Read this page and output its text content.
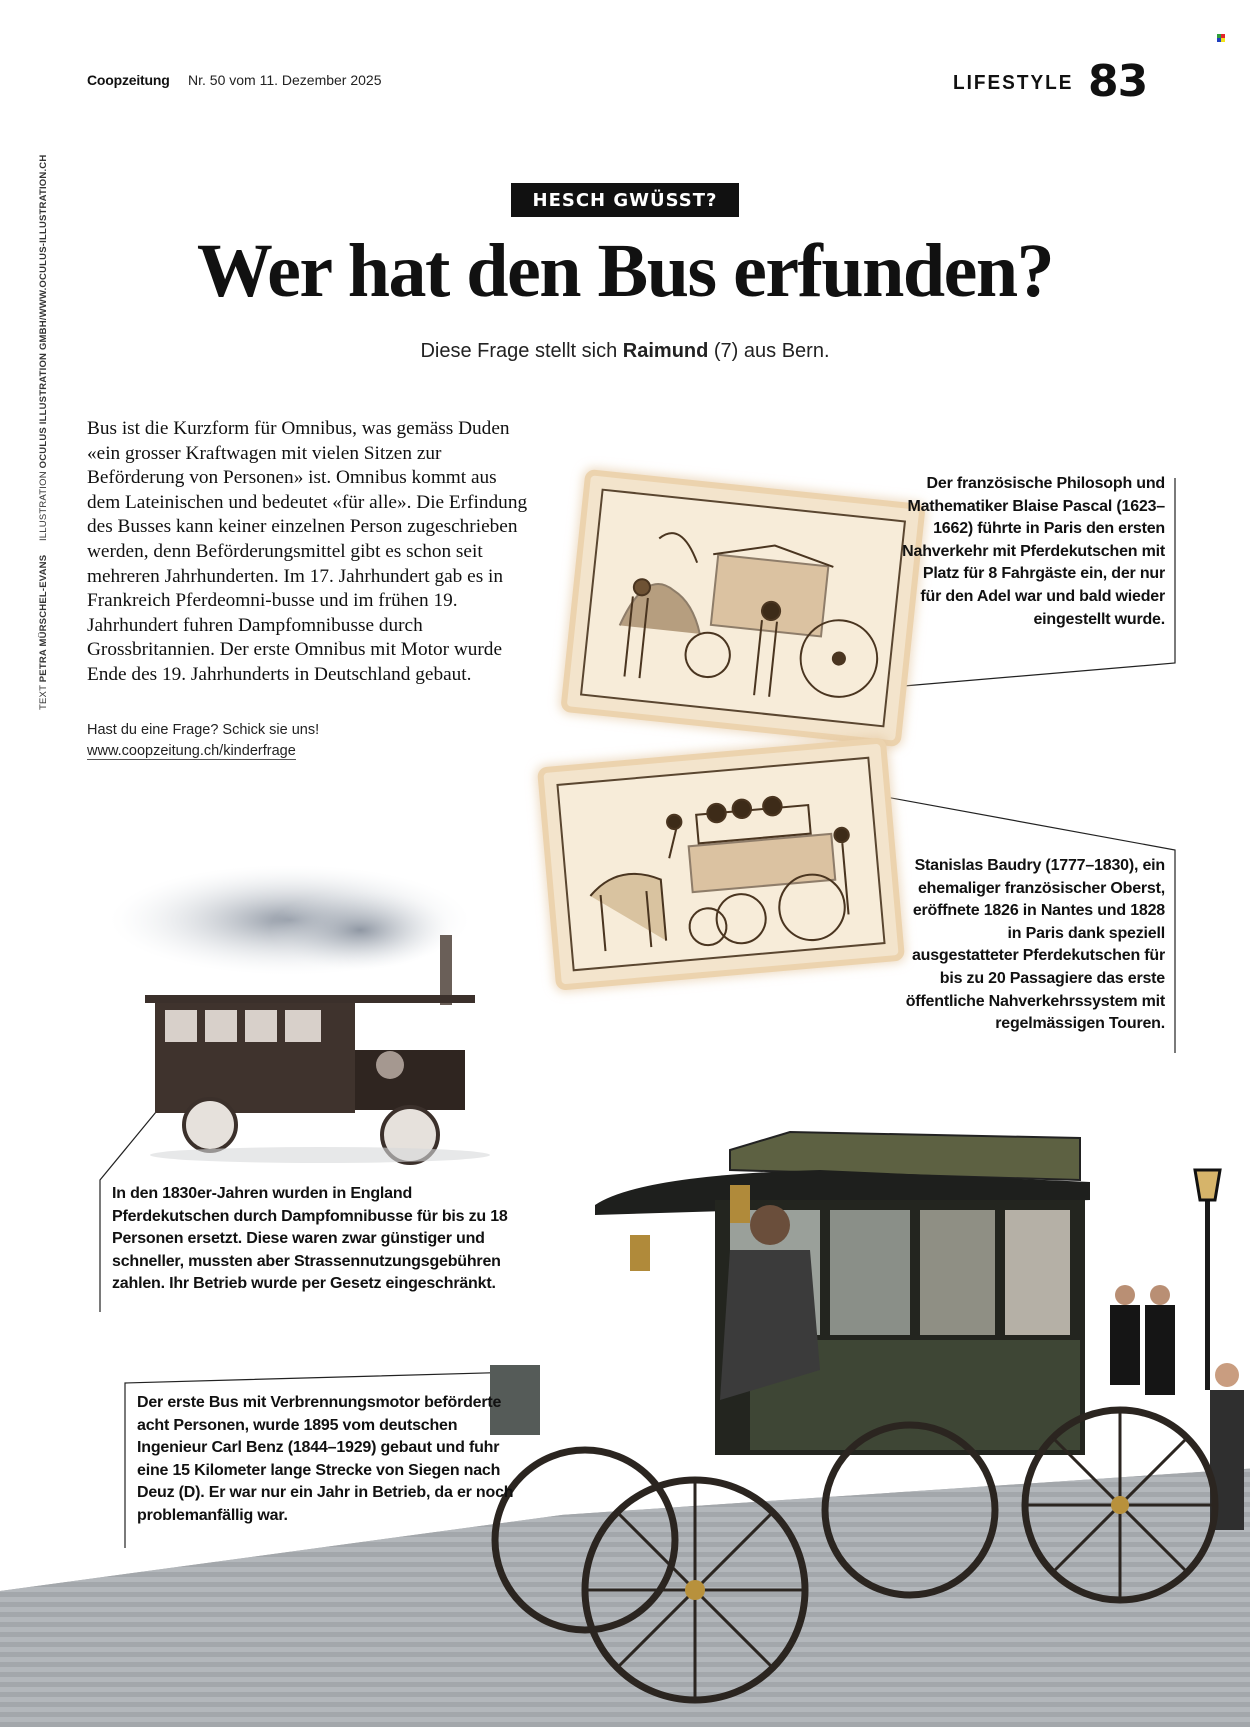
Coopzeitung Nr. 50 vom 11. Dezember 2025	LIFESTYLE 83
TEXT PETRA MÜRSCHEL-EVANS  ILLUSTRATION OCULUS ILLUSTRATION GMBH/WWW.OCULUS-ILLUSTRATION.CH	HESCH GWÜSST?
Wer hat den Bus erfunden?
Diese Frage stellt sich Raimund (7) aus Bern.
Bus ist die Kurzform für Omnibus, was gemäss Duden «ein grosser Kraftwagen mit vielen Sitzen zur Beförderung von Personen» ist. Omnibus kommt aus dem Lateinischen und bedeutet «für alle». Die Erfindung des Busses kann keiner einzelnen Person zugeschrieben werden, denn Beförderungsmittel gibt es schon seit mehreren Jahrhunderten. Im 17. Jahrhundert gab es in Frankreich Pferdeomni-busse und im frühen 19. Jahrhundert fuhren Dampfomnibusse durch Grossbritannien. Der erste Omnibus mit Motor wurde Ende des 19. Jahrhunderts in Deutschland gebaut.
Hast du eine Frage? Schick sie uns!
www.coopzeitung.ch/kinderfrage
Der französische Philosoph und Mathematiker Blaise Pascal (1623–1662) führte in Paris den ersten Nahverkehr mit Pferdekutschen mit Platz für 8 Fahrgäste ein, der nur für den Adel war und bald wieder eingestellt wurde.
Stanislas Baudry (1777–1830), ein ehemaliger französischer Oberst, eröffnete 1826 in Nantes und 1828 in Paris dank speziell ausgestatteter Pferdekutschen für bis zu 20 Passagiere das erste öffentliche Nahverkehrssystem mit regelmässigen Touren.
In den 1830er-Jahren wurden in England Pferdekutschen durch Dampfomnibusse für bis zu 18 Personen ersetzt. Diese waren zwar günstiger und schneller, mussten aber Strassennutzungsgebühren zahlen. Ihr Betrieb wurde per Gesetz eingeschränkt.
Der erste Bus mit Verbrennungsmotor beförderte acht Personen, wurde 1895 vom deutschen Ingenieur Carl Benz (1844–1929) gebaut und fuhr eine 15 Kilometer lange Strecke von Siegen nach Deuz (D). Er war nur ein Jahr in Betrieb, da er noch problemanfällig war.
